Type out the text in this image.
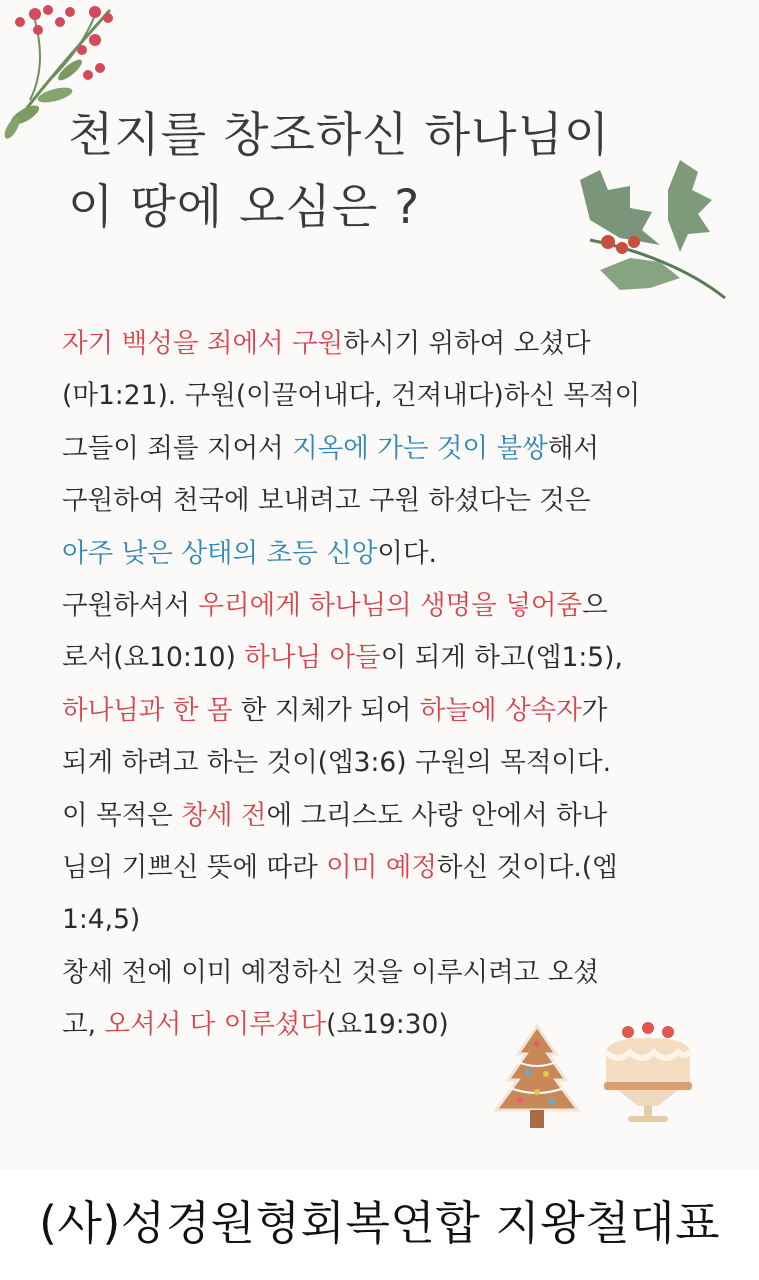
천지를 창조하신 하나님이
이 땅에 오심은 ?
자기 백성을 죄에서 구원하시기 위하여 오셨다
(마1:21). 구원(이끌어내다, 건져내다)하신 목적이
그들이 죄를 지어서 지옥에 가는 것이 불쌍해서
구원하여 천국에 보내려고 구원 하셨다는 것은
아주 낮은 상태의 초등 신앙이다.
구원하셔서 우리에게 하나님의 생명을 넣어줌으
로서(요10:10) 하나님 아들이 되게 하고(엡1:5),
하나님과 한 몸 한 지체가 되어 하늘에 상속자가
되게 하려고 하는 것이(엡3:6) 구원의 목적이다.
이 목적은 창세 전에 그리스도 사랑 안에서 하나
님의 기쁘신 뜻에 따라 이미 예정하신 것이다.(엡
1:4,5)
창세 전에 이미 예정하신 것을 이루시려고 오셨
고, 오셔서 다 이루셨다(요19:30)
(사)성경원형회복연합 지왕철대표
